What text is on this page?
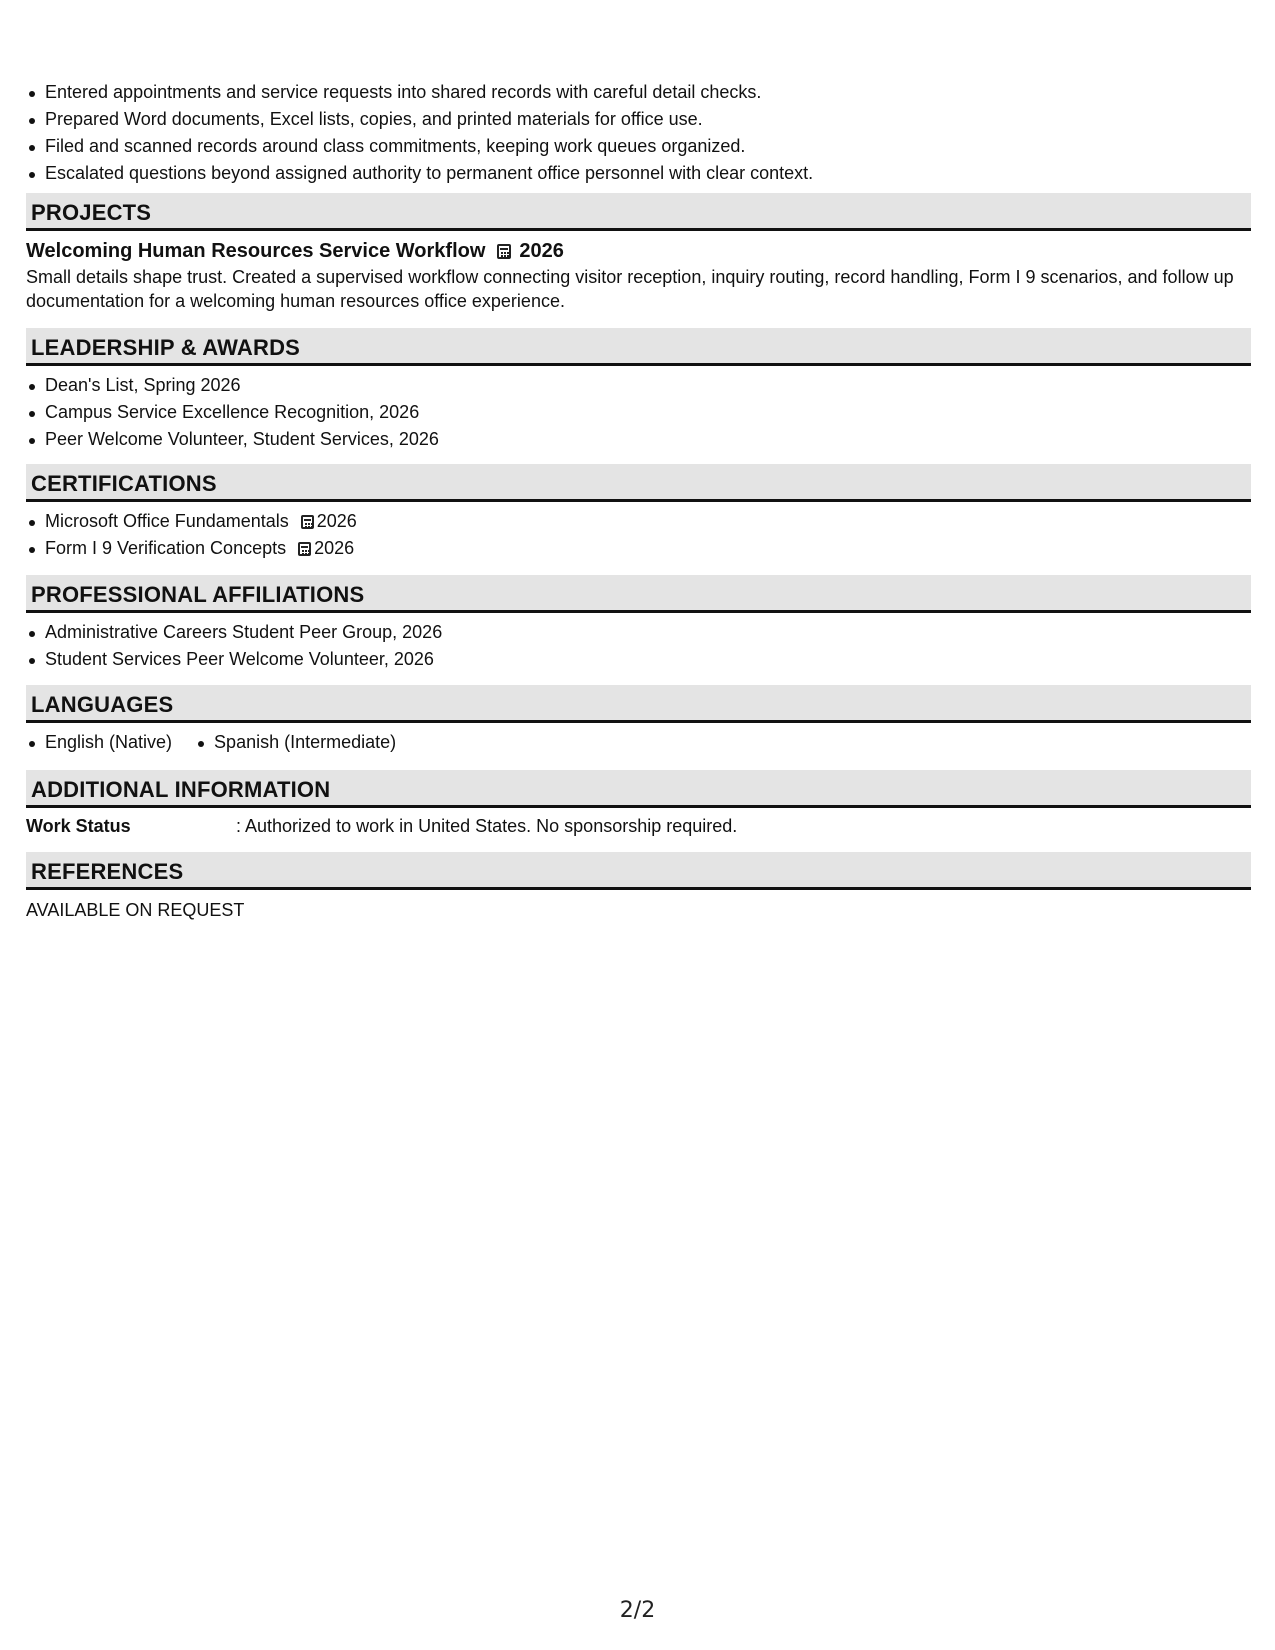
Entered appointments and service requests into shared records with careful detail checks.
Prepared Word documents, Excel lists, copies, and printed materials for office use.
Filed and scanned records around class commitments, keeping work queues organized.
Escalated questions beyond assigned authority to permanent office personnel with clear context.
PROJECTS
Welcoming Human Resources Service Workflow 2026
Small details shape trust. Created a supervised workflow connecting visitor reception, inquiry routing, record handling, Form I 9 scenarios, and follow up documentation for a welcoming human resources office experience.
LEADERSHIP & AWARDS
Dean's List, Spring 2026
Campus Service Excellence Recognition, 2026
Peer Welcome Volunteer, Student Services, 2026
CERTIFICATIONS
Microsoft Office Fundamentals 2026
Form I 9 Verification Concepts 2026
PROFESSIONAL AFFILIATIONS
Administrative Careers Student Peer Group, 2026
Student Services Peer Welcome Volunteer, 2026
LANGUAGES
English (Native) Spanish (Intermediate)
ADDITIONAL INFORMATION
Work Status	: Authorized to work in United States. No sponsorship required.
REFERENCES
AVAILABLE ON REQUEST
2/2
